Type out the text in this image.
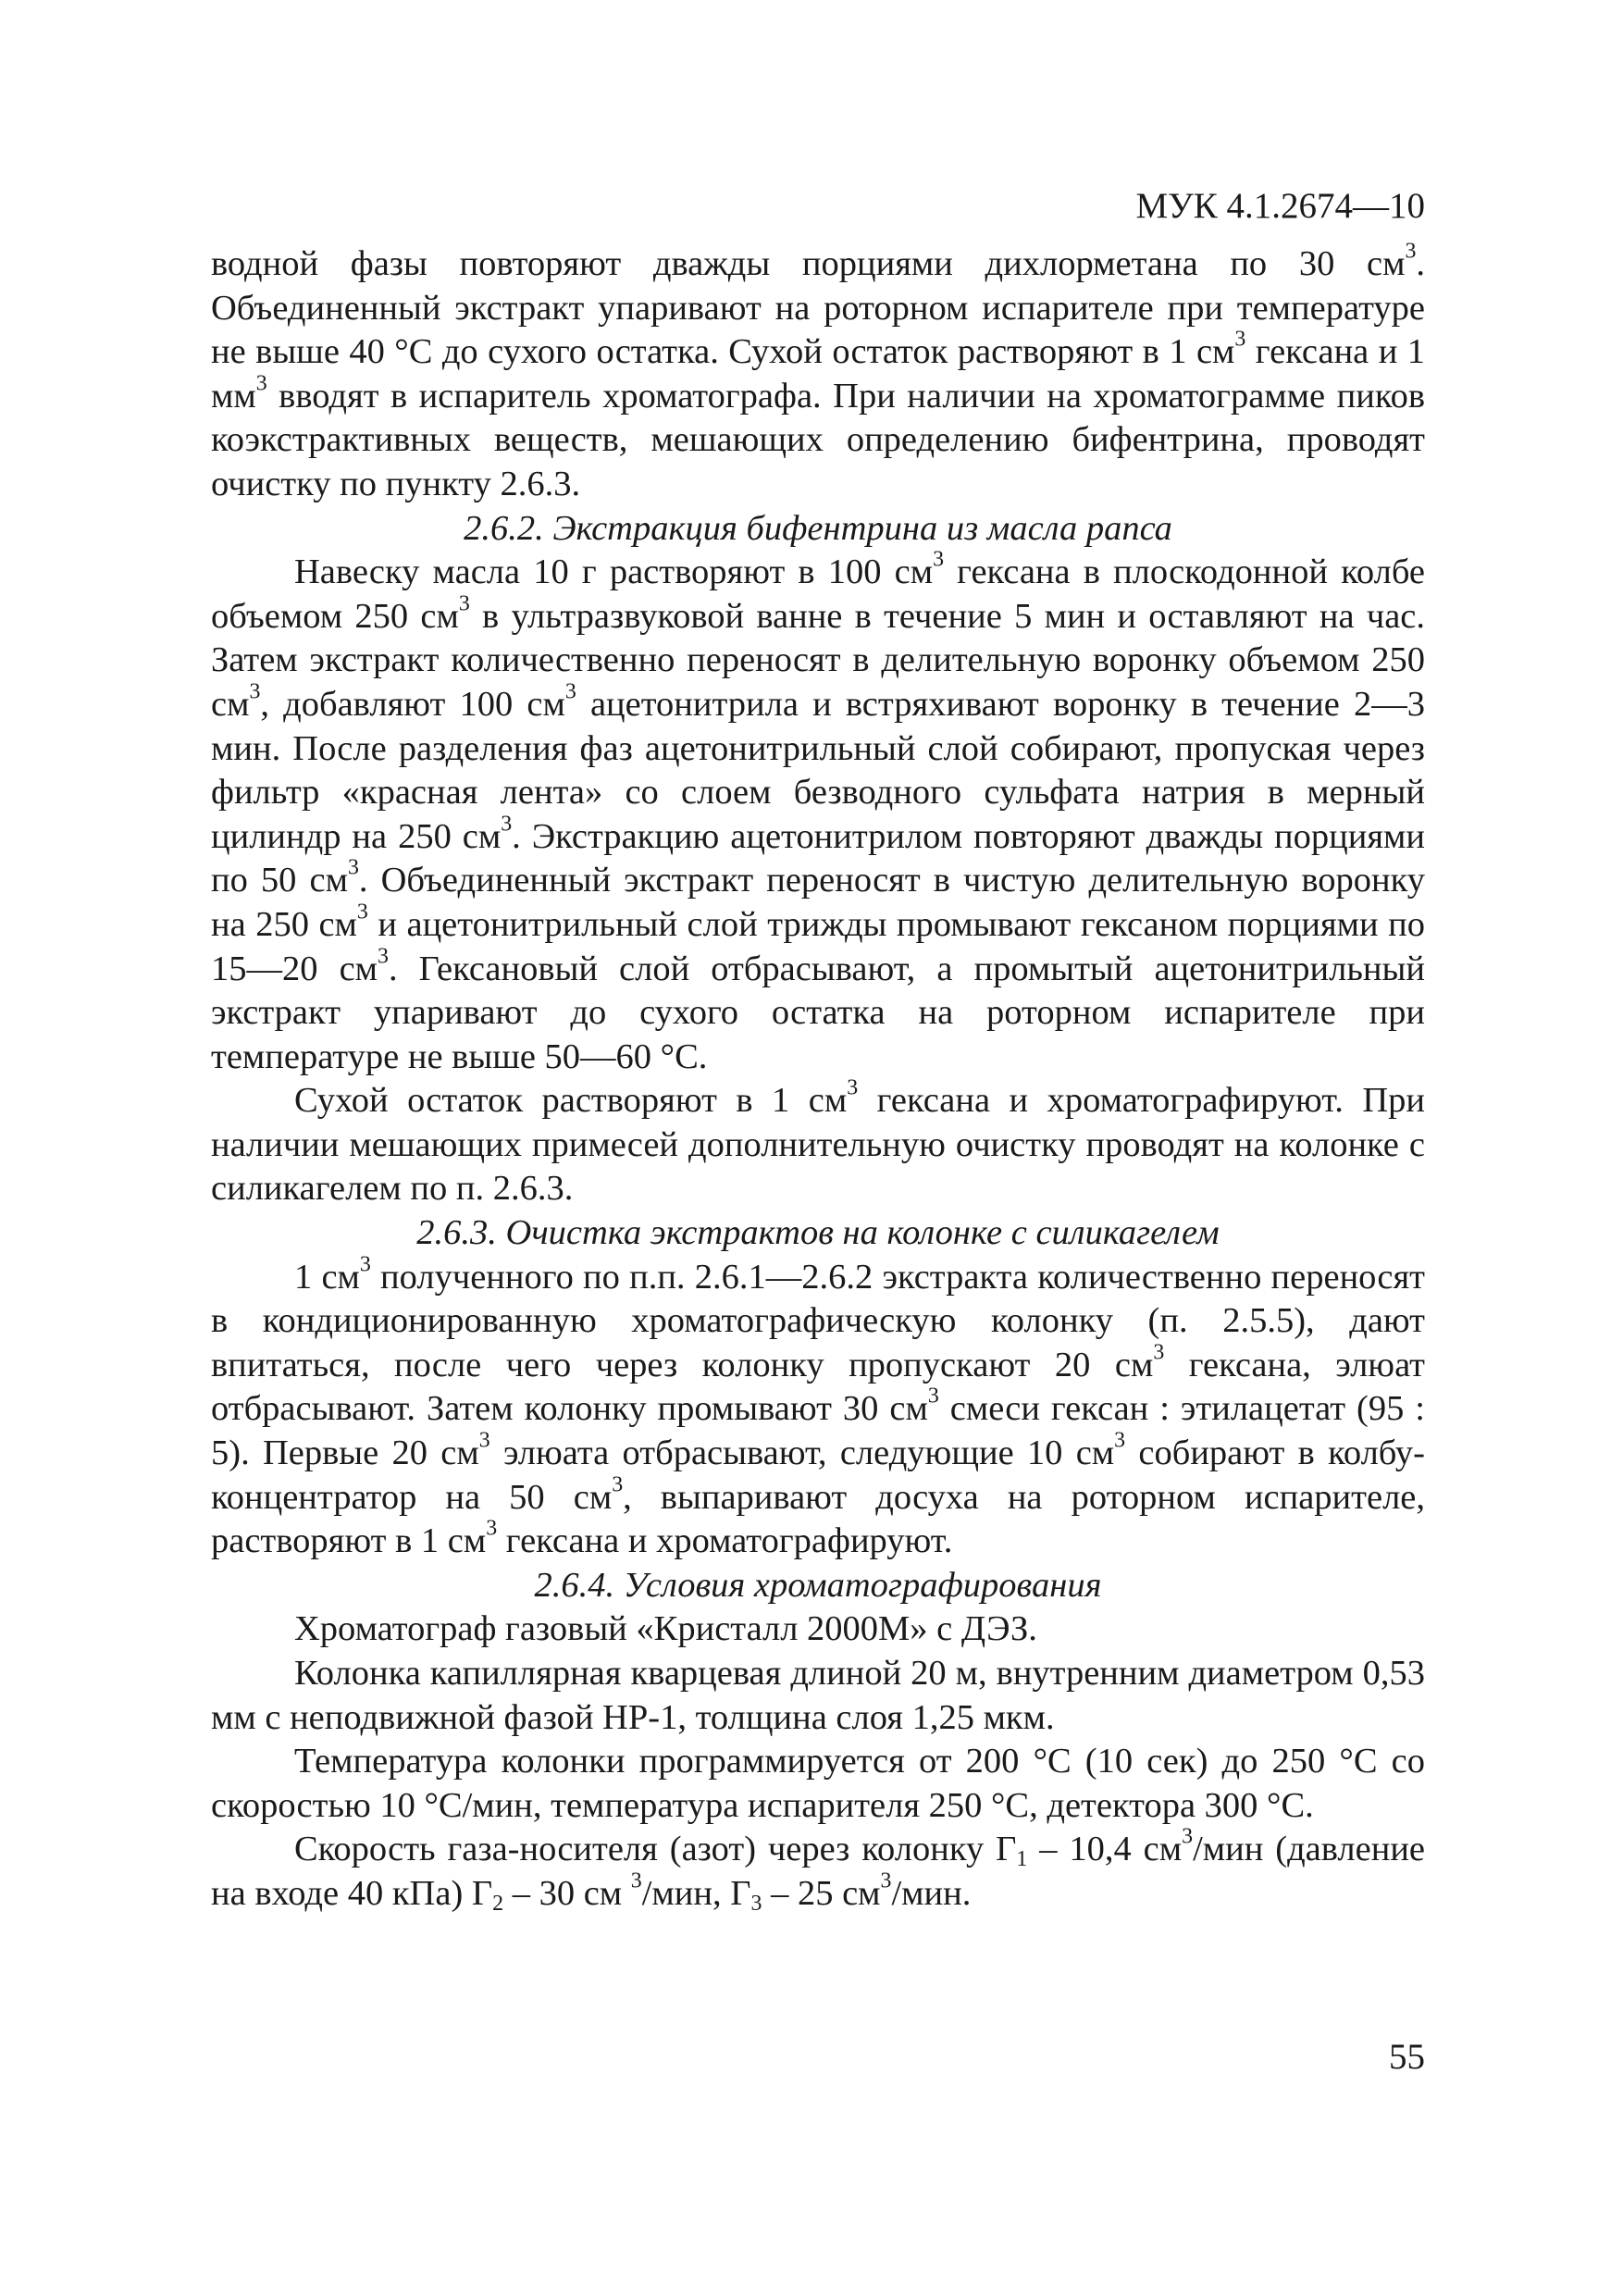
МУК 4.1.2674—10

водной фазы повторяют дважды порциями дихлорметана по 30 $см^3$. Объединенный экстракт упаривают на роторном испарителе при температуре не выше 40 °С до сухого остатка. Сухой остаток растворяют в 1 $см^3$ гексана и 1 $мм^3$ вводят в испаритель хроматографа. При наличии на хроматограмме пиков коэкстрактивных веществ, мешающих определению бифентрина, проводят очистку по пункту 2.6.3.

2.6.2. Экстракция бифентрина из масла рапса

Навеску масла 10 г растворяют в 100 $см^3$ гексана в плоскодонной колбе объемом 250 $см^3$ в ультразвуковой ванне в течение 5 мин и оставляют на час. Затем экстракт количественно переносят в делительную воронку объемом 250 $см^3$, добавляют 100 $см^3$ ацетонитрила и встряхивают воронку в течение 2—3 мин. После разделения фаз ацетонитрильный слой собирают, пропуская через фильтр «красная лента» со слоем безводного сульфата натрия в мерный цилиндр на 250 $см^3$. Экстракцию ацетонитрилом повторяют дважды порциями по 50 $см^3$. Объединенный экстракт переносят в чистую делительную воронку на 250 $см^3$ и ацетонитрильный слой трижды промывают гексаном порциями по 15—20 $см^3$. Гексановый слой отбрасывают, а промытый ацетонитрильный экстракт упаривают до сухого остатка на роторном испарителе при температуре не выше 50—60 °С.

Сухой остаток растворяют в 1 $см^3$ гексана и хроматографируют. При наличии мешающих примесей дополнительную очистку проводят на колонке с силикагелем по п. 2.6.3.

2.6.3. Очистка экстрактов на колонке с силикагелем

1 $см^3$ полученного по п.п. 2.6.1—2.6.2 экстракта количественно переносят в кондиционированную хроматографическую колонку (п. 2.5.5), дают впитаться, после чего через колонку пропускают 20 $см^3$ гексана, элюат отбрасывают. Затем колонку промывают 30 $см^3$ смеси гексан : этилацетат (95 : 5). Первые 20 $см^3$ элюата отбрасывают, следующие 10 $см^3$ собирают в колбу-концентратор на 50 $см^3$, выпаривают досуха на роторном испарителе, растворяют в 1 $см^3$ гексана и хроматографируют.

2.6.4. Условия хроматографирования

Хроматограф газовый «Кристалл 2000М» с ДЭЗ.

Колонка капиллярная кварцевая длиной 20 м, внутренним диаметром 0,53 мм с неподвижной фазой НР-1, толщина слоя 1,25 мкм.

Температура колонки программируется от 200 °С (10 сек) до 250 °С со скоростью 10 °С/мин, температура испарителя 250 °С, детектора 300 °С.

Скорость газа-носителя (азот) через колонку $Г_1 - 10,4$ $см^3$/мин (давление на входе 40 кПа) $Г_2 - 30$ см $^3$/мин, $Г_3 - 25$ $см^3$/мин.

55
